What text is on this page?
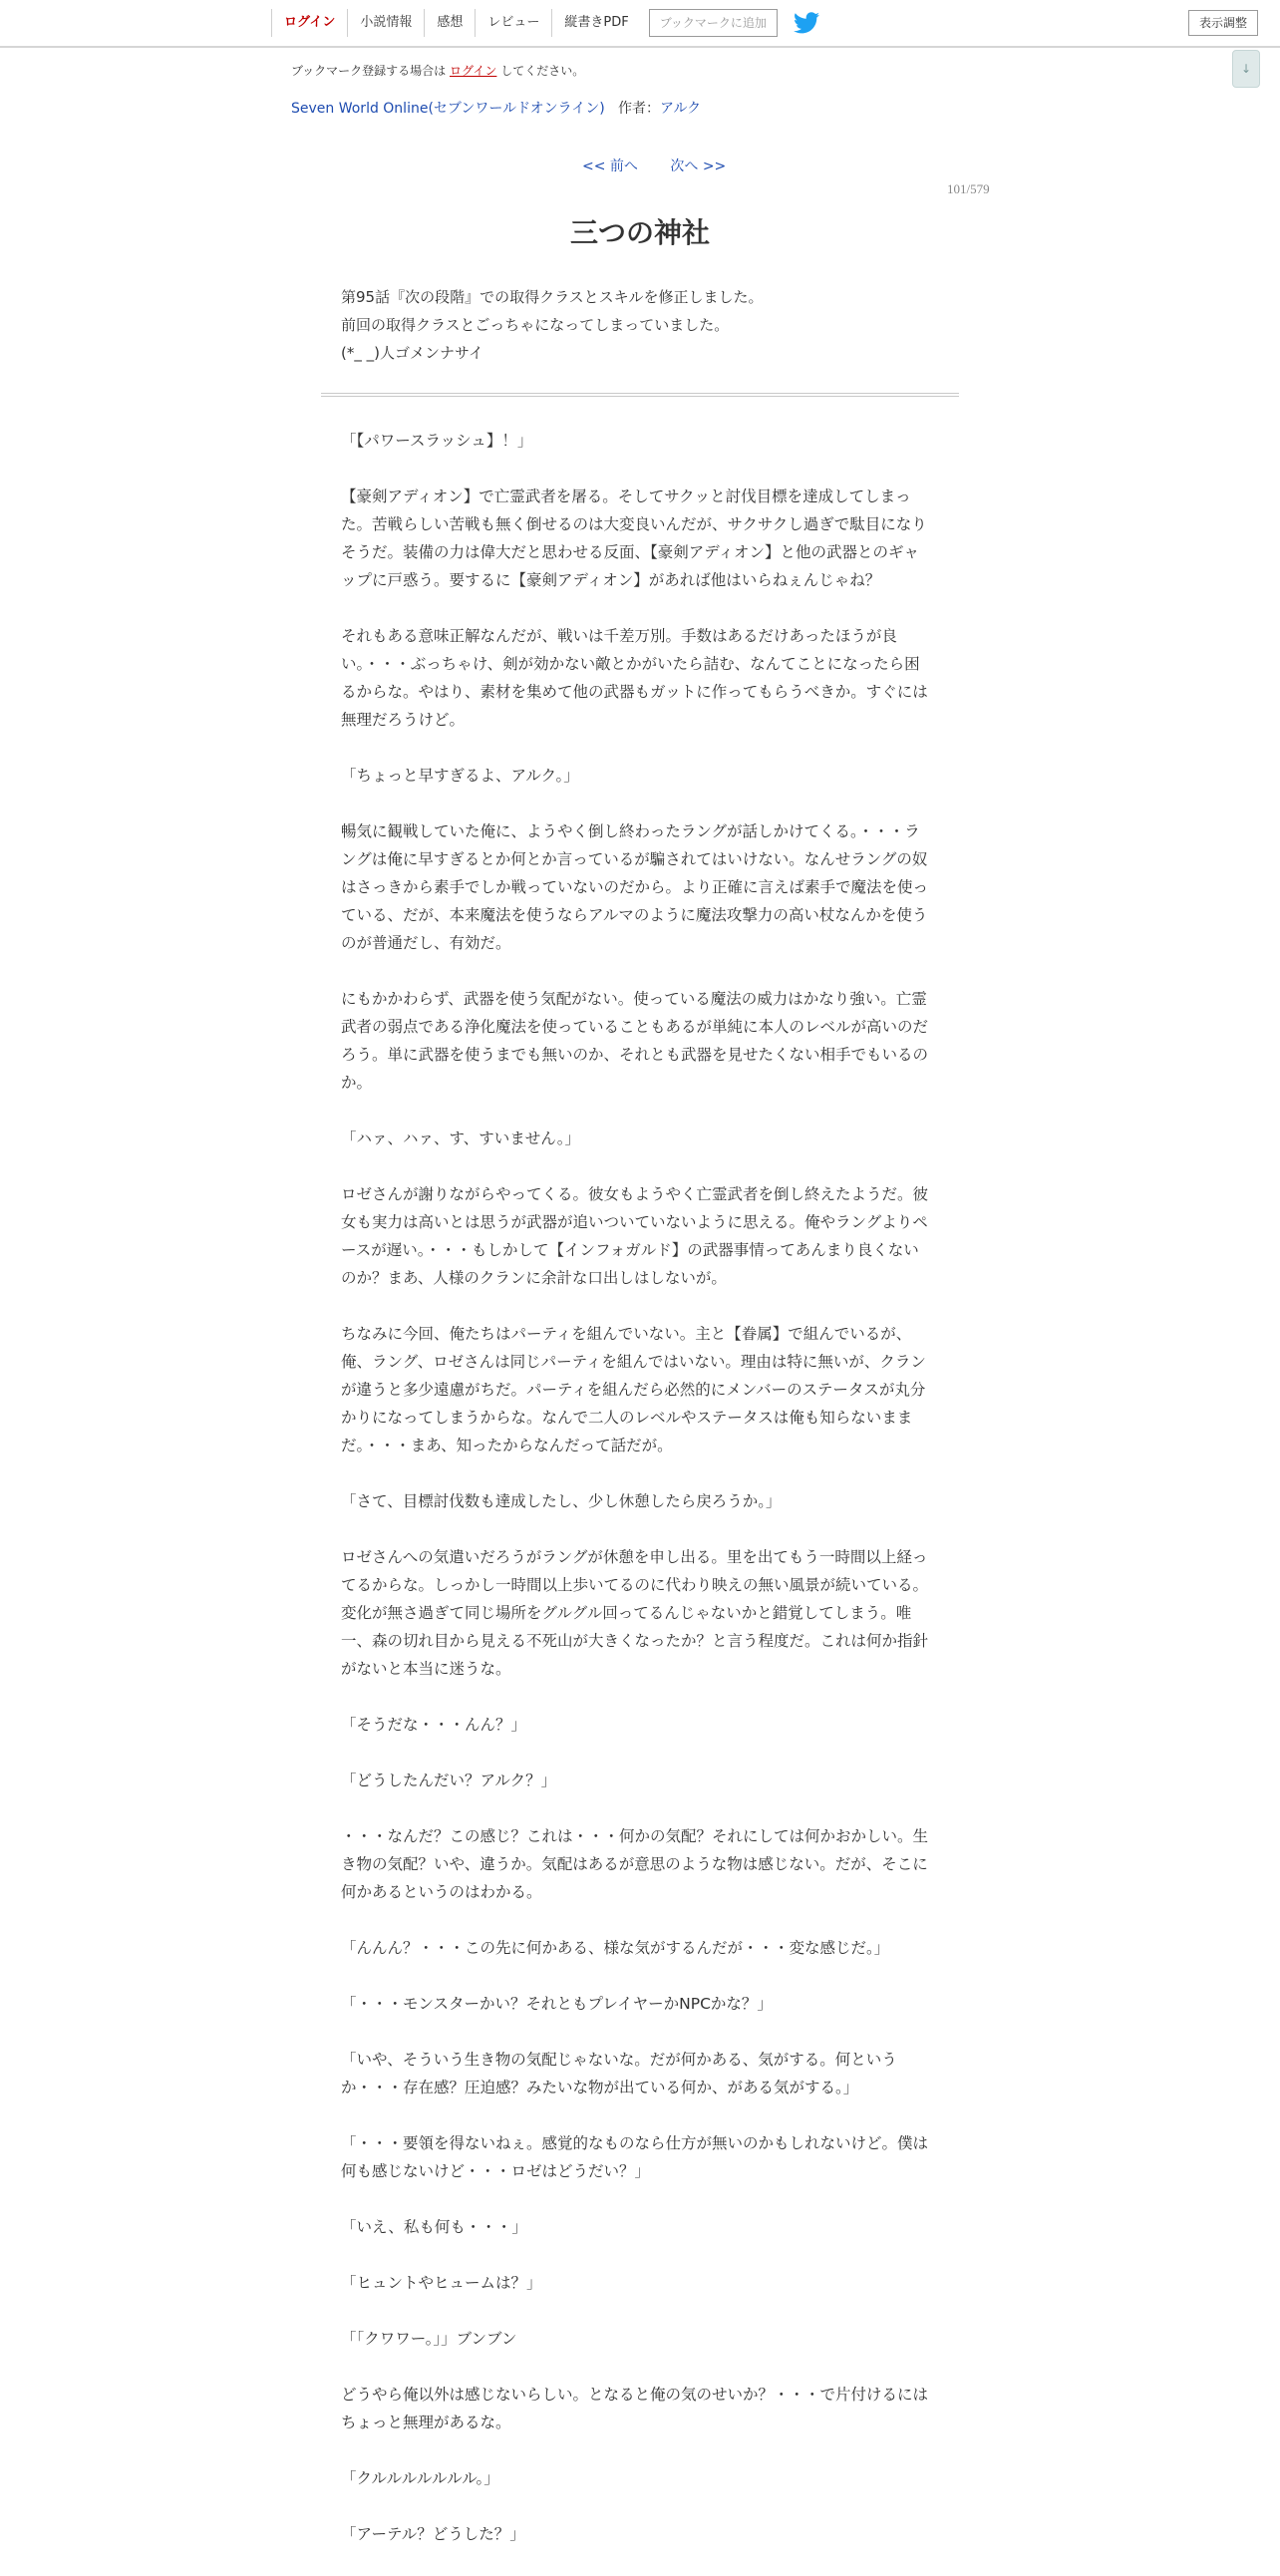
ログイン	小説情報	感想	レビュー	縦書きPDF	ブックマークに追加	表示調整
↓
ブックマーク登録する場合は ログイン してください。
Seven World Online(セブンワールドオンライン) 作者：アルク
<< 前へ 次へ >>
101/579
三つの神社

第95話『次の段階』での取得クラスとスキルを修正しました。

前回の取得クラスとごっちゃになってしまっていました。

(*_ _)人ゴメンナサイ

「【パワースラッシュ】！」

【豪剣アディオン】で亡霊武者を屠る。そしてサクッと討伐目標を達成してしまった。苦戦らしい苦戦も無く倒せるのは大変良いんだが、サクサクし過ぎで駄目になりそうだ。装備の力は偉大だと思わせる反面、【豪剣アディオン】と他の武器とのギャップに戸惑う。要するに【豪剣アディオン】があれば他はいらねぇんじゃね？

それもある意味正解なんだが、戦いは千差万別。手数はあるだけあったほうが良い。・・・ぶっちゃけ、剣が効かない敵とかがいたら詰む、なんてことになったら困るからな。やはり、素材を集めて他の武器もガットに作ってもらうべきか。すぐには無理だろうけど。

「ちょっと早すぎるよ、アルク。」

暢気に観戦していた俺に、ようやく倒し終わったラングが話しかけてくる。・・・ラングは俺に早すぎるとか何とか言っているが騙されてはいけない。なんせラングの奴はさっきから素手でしか戦っていないのだから。より正確に言えば素手で魔法を使っている、だが、本来魔法を使うならアルマのように魔法攻撃力の高い杖なんかを使うのが普通だし、有効だ。

にもかかわらず、武器を使う気配がない。使っている魔法の威力はかなり強い。亡霊武者の弱点である浄化魔法を使っていることもあるが単純に本人のレベルが高いのだろう。単に武器を使うまでも無いのか、それとも武器を見せたくない相手でもいるのか。

「ハァ、ハァ、す、すいません。」

ロゼさんが謝りながらやってくる。彼女もようやく亡霊武者を倒し終えたようだ。彼女も実力は高いとは思うが武器が追いついていないように思える。俺やラングよりペースが遅い。・・・もしかして【インフォガルド】の武器事情ってあんまり良くないのか？まあ、人様のクランに余計な口出しはしないが。

ちなみに今回、俺たちはパーティを組んでいない。主と【眷属】で組んでいるが、俺、ラング、ロゼさんは同じパーティを組んではいない。理由は特に無いが、クランが違うと多少遠慮がちだ。パーティを組んだら必然的にメンバーのステータスが丸分かりになってしまうからな。なんで二人のレベルやステータスは俺も知らないままだ。・・・まあ、知ったからなんだって話だが。

「さて、目標討伐数も達成したし、少し休憩したら戻ろうか。」

ロゼさんへの気遣いだろうがラングが休憩を申し出る。里を出てもう一時間以上経ってるからな。しっかし一時間以上歩いてるのに代わり映えの無い風景が続いている。変化が無さ過ぎて同じ場所をグルグル回ってるんじゃないかと錯覚してしまう。唯一、森の切れ目から見える不死山が大きくなったか？と言う程度だ。これは何か指針がないと本当に迷うな。

「そうだな・・・んん？」

「どうしたんだい？アルク？」

・・・なんだ？この感じ？これは・・・何かの気配？それにしては何かおかしい。生き物の気配？いや、違うか。気配はあるが意思のような物は感じない。だが、そこに何かあるというのはわかる。

「んんん？・・・この先に何かある、様な気がするんだが・・・変な感じだ。」

「・・・モンスターかい？それともプレイヤーかNPCかな？」

「いや、そういう生き物の気配じゃないな。だが何かある、気がする。何というか・・・存在感？圧迫感？みたいな物が出ている何か、がある気がする。」

「・・・要領を得ないねぇ。感覚的なものなら仕方が無いのかもしれないけど。僕は何も感じないけど・・・ロゼはどうだい？」

「いえ、私も何も・・・」

「ヒュントやヒュームは？」

「「クワワー。」」ブンブン

どうやら俺以外は感じないらしい。となると俺の気のせいか？・・・で片付けるにはちょっと無理があるな。

「クルルルルルルル。」

「アーテル？どうした？」
